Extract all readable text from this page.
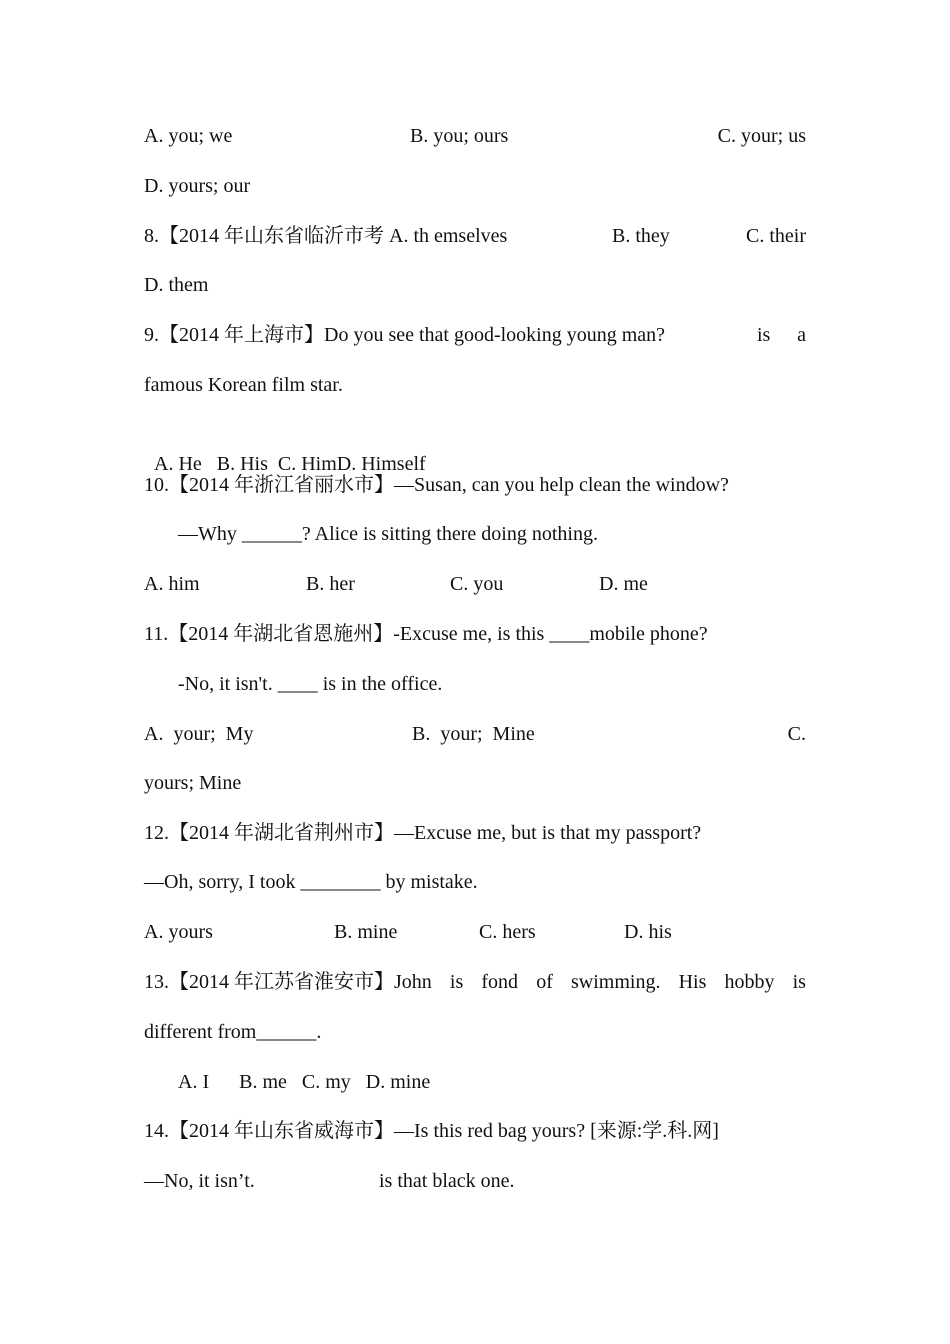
A. you; we	B. you; ours	C. your; us
D. yours; our
8.【2014 年山东省临沂市考 A. th emselves	B. they	C. their
D. them
9.【2014 年上海市】Do you see that good-looking young man?	is a
famous Korean film star.

A. He   B. His  C. HimD. Himself

10.【2014 年浙江省丽水市】—Susan, can you help clean the window?
—Why ______? Alice is sitting there doing nothing.
A. him	B. her	C. you	D. me
11.【2014 年湖北省恩施州】-Excuse me, is this ____mobile phone?
-No, it isn't. ____ is in the office.
A.  your;  My	B.  your;  Mine	C.
yours; Mine
12.【2014 年湖北省荆州市】—Excuse me, but is that my passport?
—Oh, sorry, I took ________ by mistake.
A. yours	B. mine	C. hers	D. his
13.【2014 年江苏省淮安市】John is fond of swimming. His hobby is
different from______.
A. I      B. me   C. my   D. mine
14.【2014 年山东省威海市】—Is this red bag yours? [来源:学.科.网]
—No, it isn’t.	is that black one.
